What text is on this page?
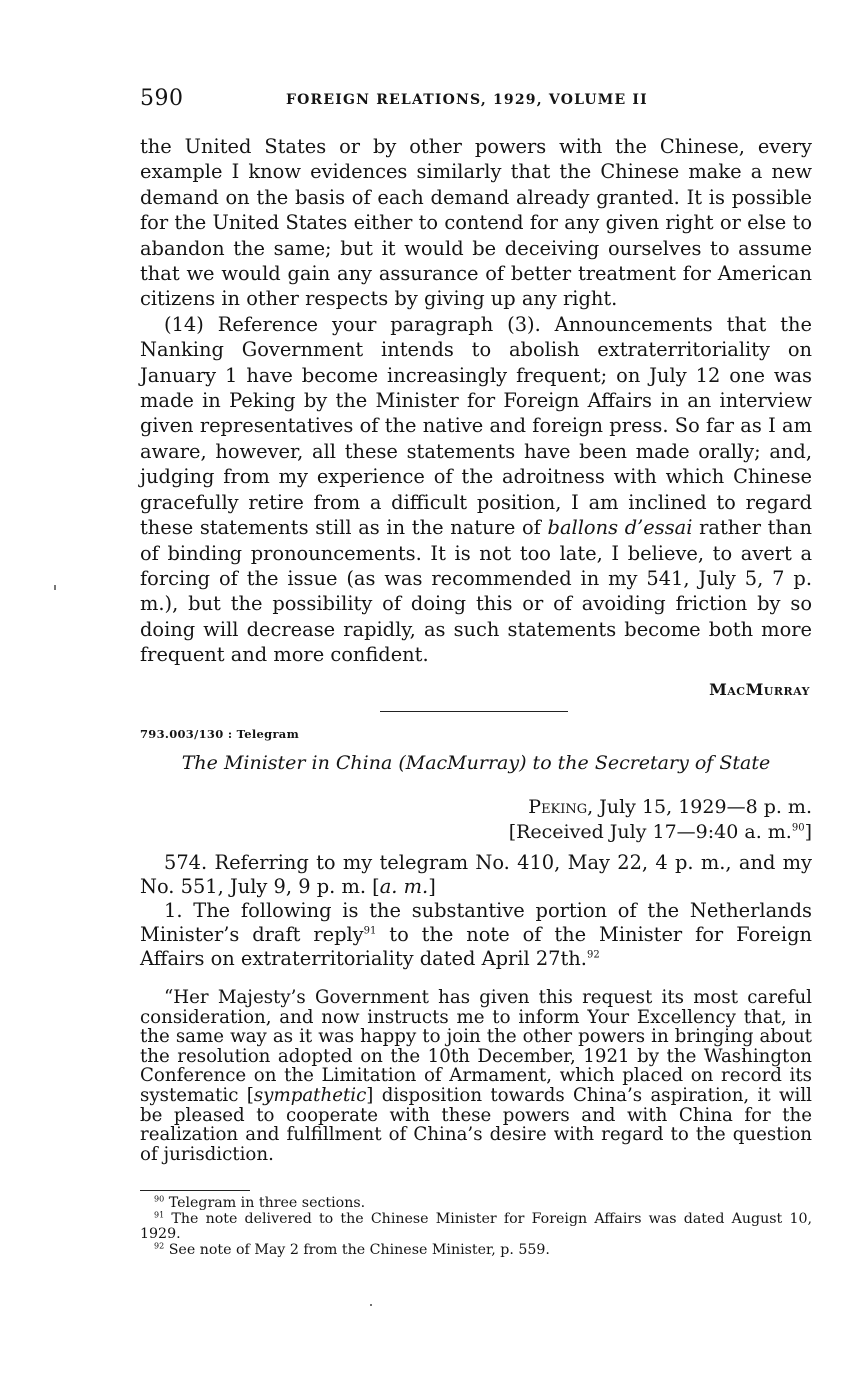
590	FOREIGN RELATIONS, 1929, VOLUME II

the United States or by other powers with the Chinese, every example I know evidences similarly that the Chinese make a new demand on the basis of each demand already granted. It is possible for the United States either to contend for any given right or else to abandon the same; but it would be deceiving ourselves to assume that we would gain any assurance of better treatment for American citizens in other respects by giving up any right.

(14) Reference your paragraph (3). Announcements that the Nanking Government intends to abolish extraterritoriality on January 1 have become increasingly frequent; on July 12 one was made in Peking by the Minister for Foreign Affairs in an interview given representatives of the native and foreign press. So far as I am aware, however, all these statements have been made orally; and, judging from my experience of the adroitness with which Chinese gracefully retire from a difficult position, I am inclined to regard these statements still as in the nature of ballons d’essai rather than of binding pronouncements. It is not too late, I believe, to avert a forcing of the issue (as was recommended in my 541, July 5, 7 p. m.), but the possibility of doing this or of avoiding friction by so doing will decrease rapidly, as such statements become both more frequent and more confident.

MacMurray
793.003/130 : Telegram
The Minister in China (MacMurray) to the Secretary of State
Peking, July 15, 1929—8 p. m.
[Received July 17—9:40 a. m.$^{90}$]

574. Referring to my telegram No. 410, May 22, 4 p. m., and my No. 551, July 9, 9 p. m. [a. m.]

1. The following is the substantive portion of the Netherlands Minister’s draft reply$^{91}$ to the note of the Minister for Foreign Affairs on extraterritoriality dated April 27th.$^{92}$

“Her Majesty’s Government has given this request its most careful consideration, and now instructs me to inform Your Excellency that, in the same way as it was happy to join the other powers in bringing about the resolution adopted on the 10th December, 1921 by the Washington Conference on the Limitation of Armament, which placed on record its systematic [sympathetic] disposition towards China’s aspiration, it will be pleased to cooperate with these powers and with China for the realization and fulfillment of China’s desire with regard to the question of jurisdiction.

$^{90}$ Telegram in three sections.

$^{91}$ The note delivered to the Chinese Minister for Foreign Affairs was dated August 10, 1929.

$^{92}$ See note of May 2 from the Chinese Minister, p. 559.
